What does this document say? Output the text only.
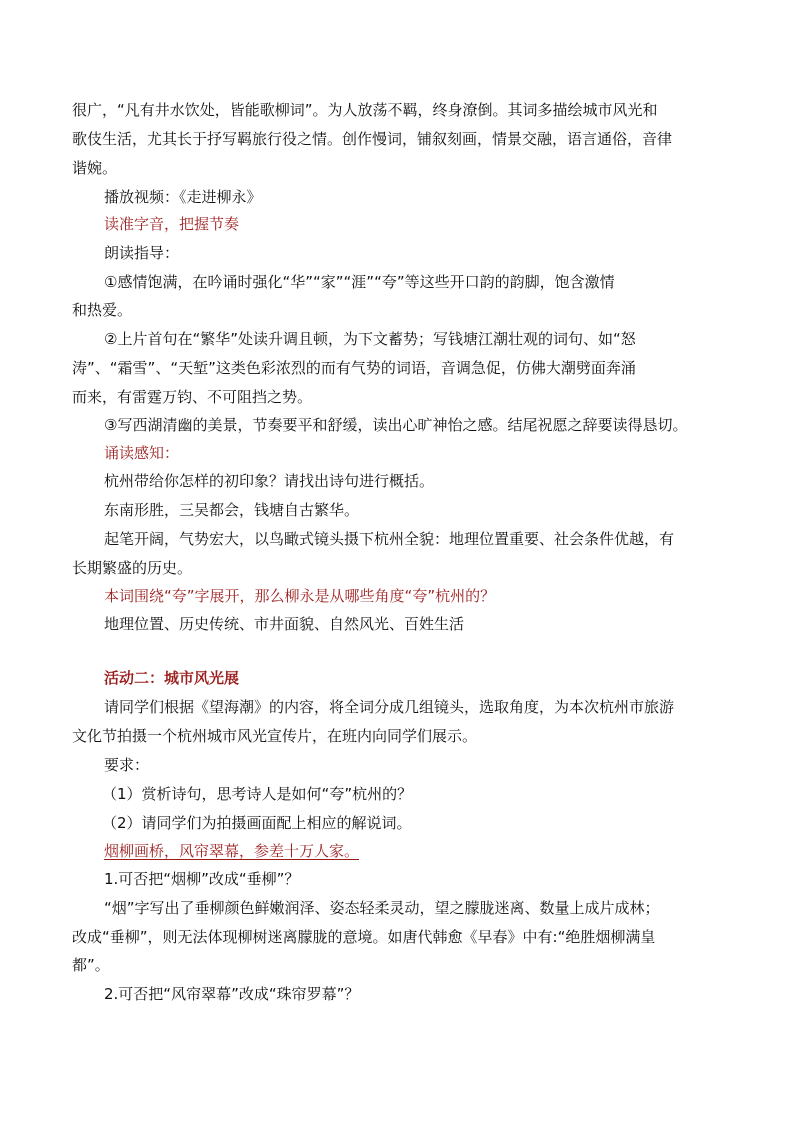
很广，“凡有井水饮处，皆能歌柳词”。为人放荡不羁，终身潦倒。其词多描绘城市风光和
歌伎生活，尤其长于抒写羁旅行役之情。创作慢词，铺叙刻画，情景交融，语言通俗，音律
谐婉。
播放视频：《走进柳永》
读准字音，把握节奏
朗读指导：
①感情饱满，在吟诵时强化“华”“家”“涯”“夸”等这些开口韵的韵脚，饱含激情
和热爱。
②上片首句在“繁华”处读升调且顿，为下文蓄势；写钱塘江潮壮观的词句、如“怒
涛”、“霜雪”、“天堑”这类色彩浓烈的而有气势的词语，音调急促，仿佛大潮劈面奔涌
而来，有雷霆万钧、不可阻挡之势。
③写西湖清幽的美景，节奏要平和舒缓，读出心旷神怡之感。结尾祝愿之辞要读得恳切。
诵读感知：
杭州带给你怎样的初印象？请找出诗句进行概括。
东南形胜，三吴都会，钱塘自古繁华。
起笔开阔，气势宏大，以鸟瞰式镜头摄下杭州全貌：地理位置重要、社会条件优越，有
长期繁盛的历史。
本词围绕“夸”字展开，那么柳永是从哪些角度“夸”杭州的？
地理位置、历史传统、市井面貌、自然风光、百姓生活
活动二：城市风光展
请同学们根据《望海潮》的内容，将全词分成几组镜头，选取角度，为本次杭州市旅游
文化节拍摄一个杭州城市风光宣传片，在班内向同学们展示。
要求：
（1）赏析诗句，思考诗人是如何“夸”杭州的？
（2）请同学们为拍摄画面配上相应的解说词。
烟柳画桥，风帘翠幕，参差十万人家。
1.可否把“烟柳”改成“垂柳”？
“烟”字写出了垂柳颜色鲜嫩润泽、姿态轻柔灵动，望之朦胧迷离、数量上成片成林；
改成“垂柳”，则无法体现柳树迷离朦胧的意境。如唐代韩愈《早春》中有:“绝胜烟柳满皇
都”。
2.可否把“风帘翠幕”改成“珠帘罗幕”？
